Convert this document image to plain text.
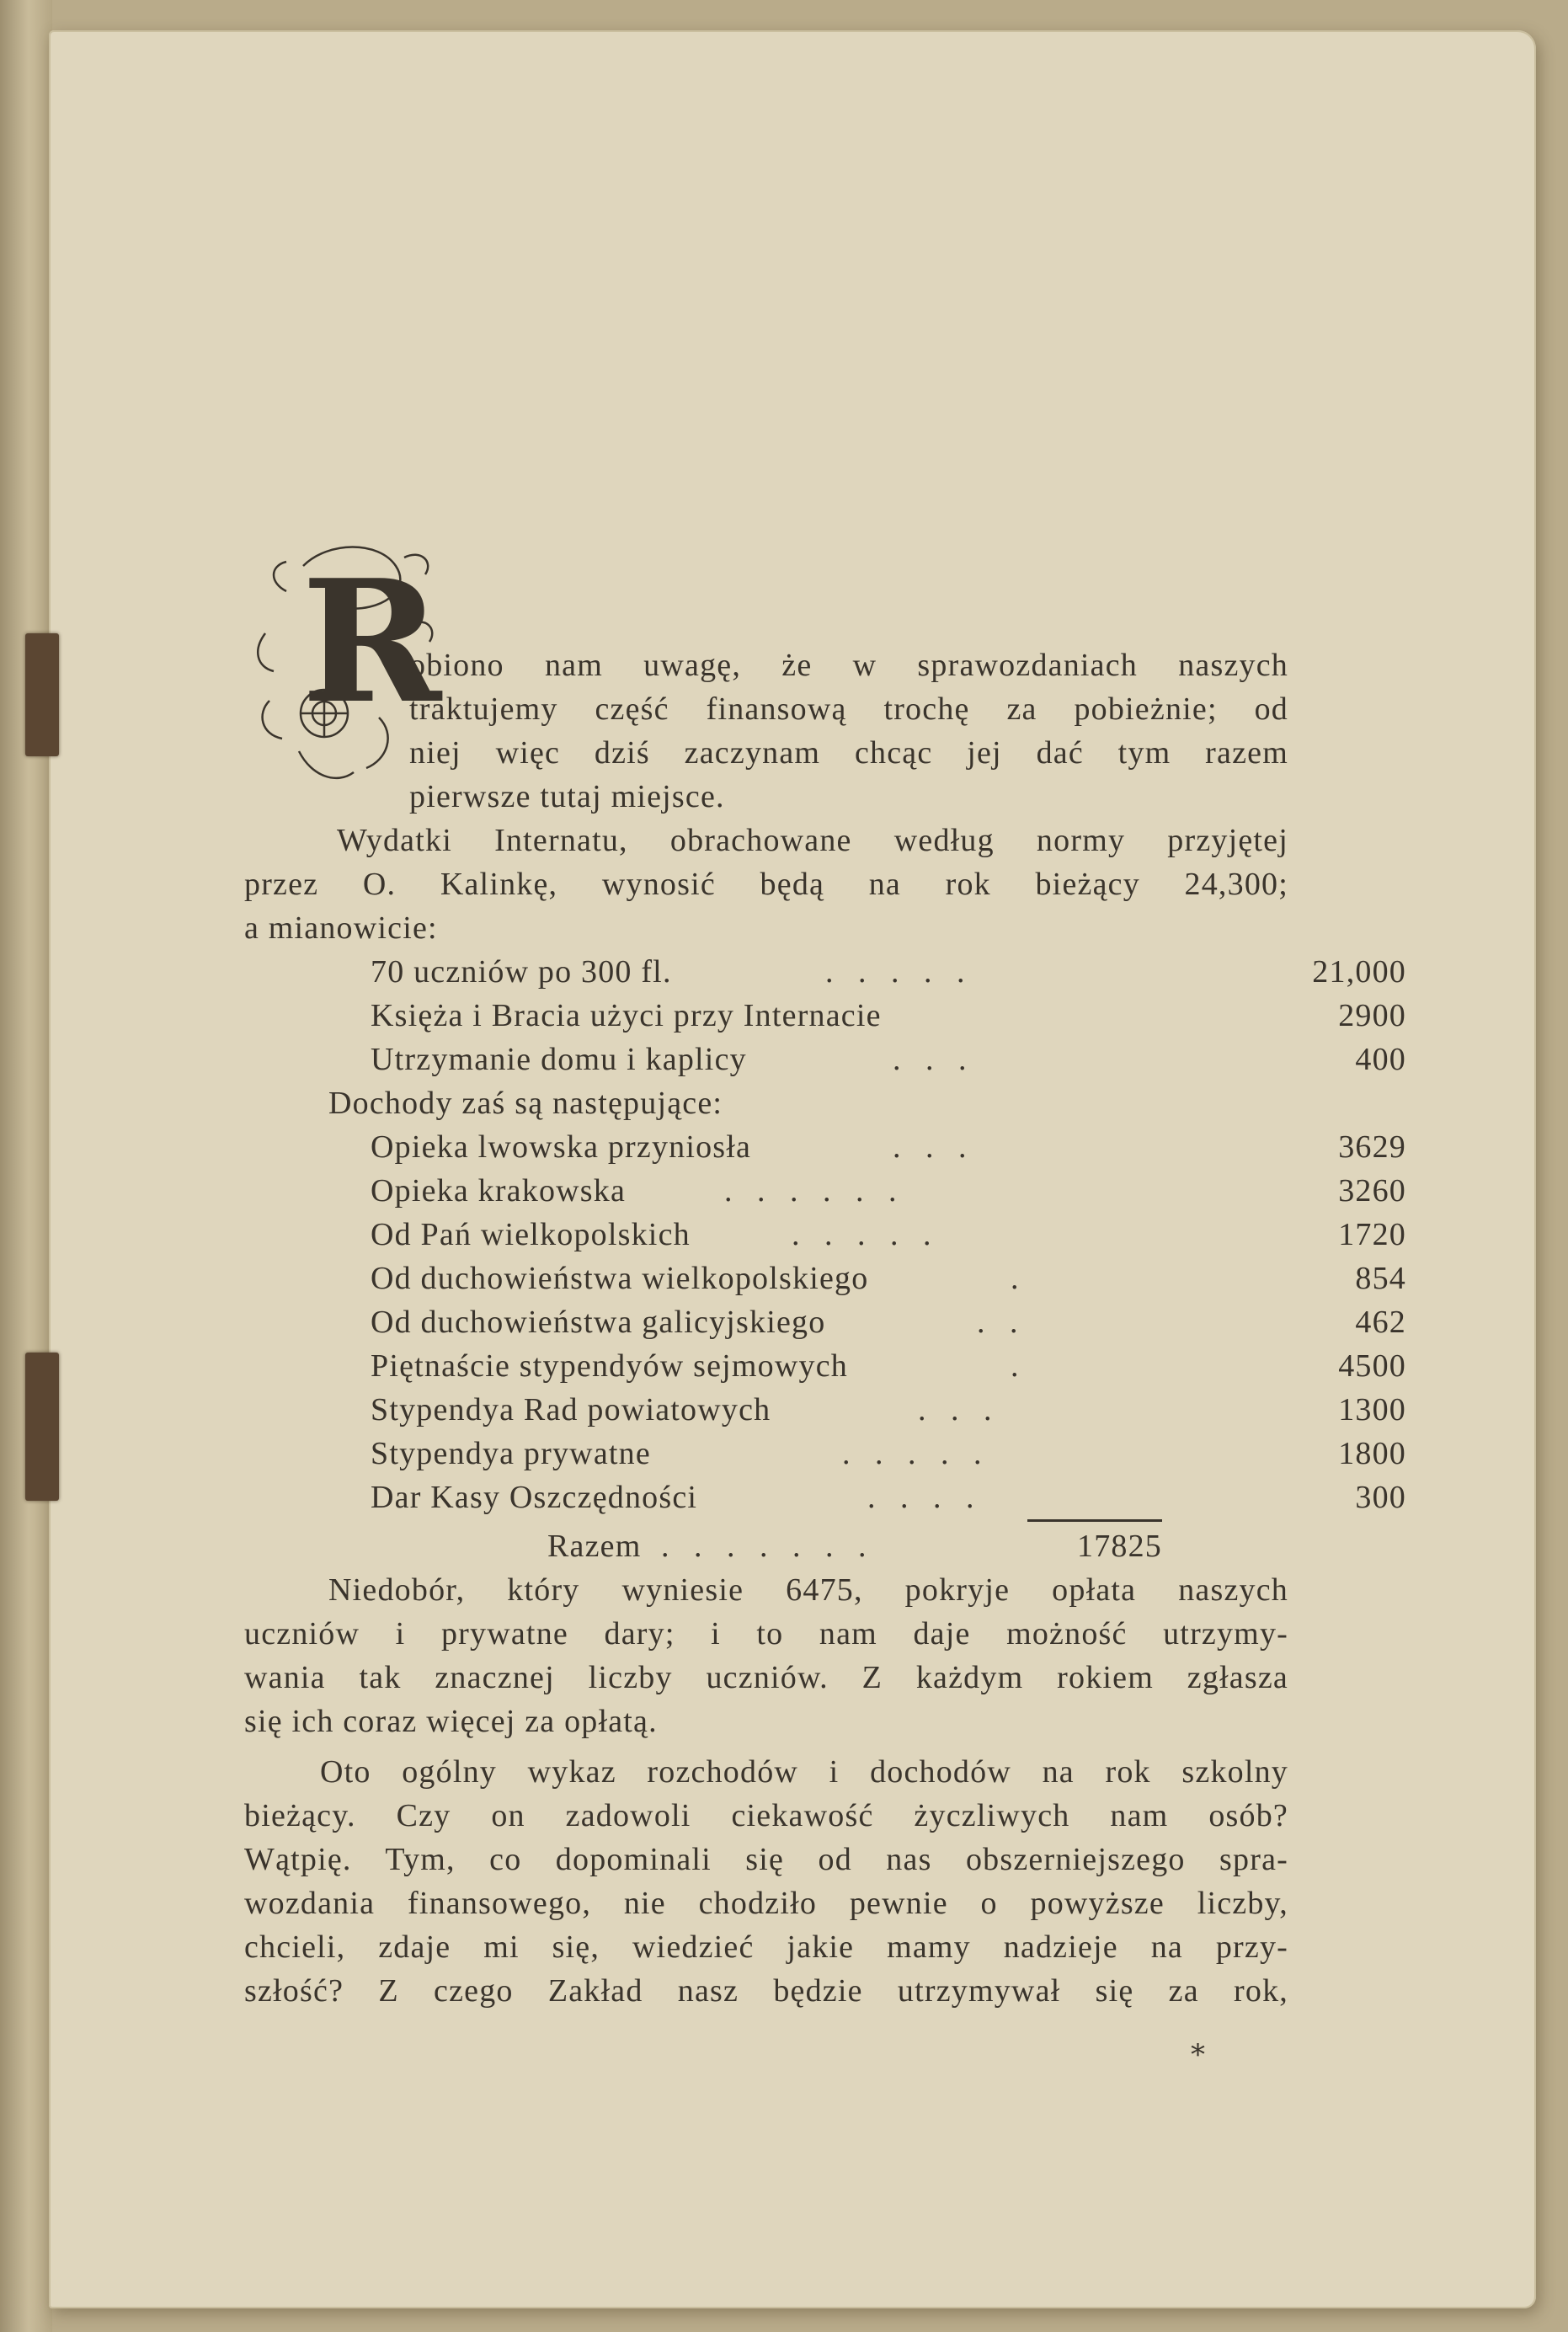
R
obiono nam uwagę, że w sprawozdaniach naszych
traktujemy część finansową trochę za pobieżnie; od
niej więc dziś zaczynam chcąc jej dać tym razem
pierwsze tutaj miejsce.
Wydatki Internatu, obrachowane według normy przyjętej
przez O. Kalinkę, wynosić będą na rok bieżący 24,300;
a mianowicie:
70 uczniów po 300 fl.	. . . . .	21,000
Księża i Bracia użyci przy Internacie	2900
Utrzymanie domu i kaplicy	. . .	400
Dochody zaś są następujące:
Opieka lwowska przyniosła	. . .	3629
Opieka krakowska	. . . . . .	3260
Od Pań wielkopolskich	. . . . .	1720
Od duchowieństwa wielkopolskiego	.	854
Od duchowieństwa galicyjskiego	. .	462
Piętnaście stypendyów sejmowych	.	4500
Stypendya Rad powiatowych	. . .	1300
Stypendya prywatne	. . . . .	1800
Dar Kasy Oszczędności	. . . .	300
Razem . . . . . . .	17825
Niedobór, który wyniesie 6475, pokryje opłata naszych
uczniów i prywatne dary; i to nam daje możność utrzymy-
wania tak znacznej liczby uczniów. Z każdym rokiem zgłasza
się ich coraz więcej za opłatą.
Oto ogólny wykaz rozchodów i dochodów na rok szkolny
bieżący. Czy on zadowoli ciekawość życzliwych nam osób?
Wątpię. Tym, co dopominali się od nas obszerniejszego spra-
wozdania finansowego, nie chodziło pewnie o powyższe liczby,
chcieli, zdaje mi się, wiedzieć jakie mamy nadzieje na przy-
szłość? Z czego Zakład nasz będzie utrzymywał się za rok,
*
